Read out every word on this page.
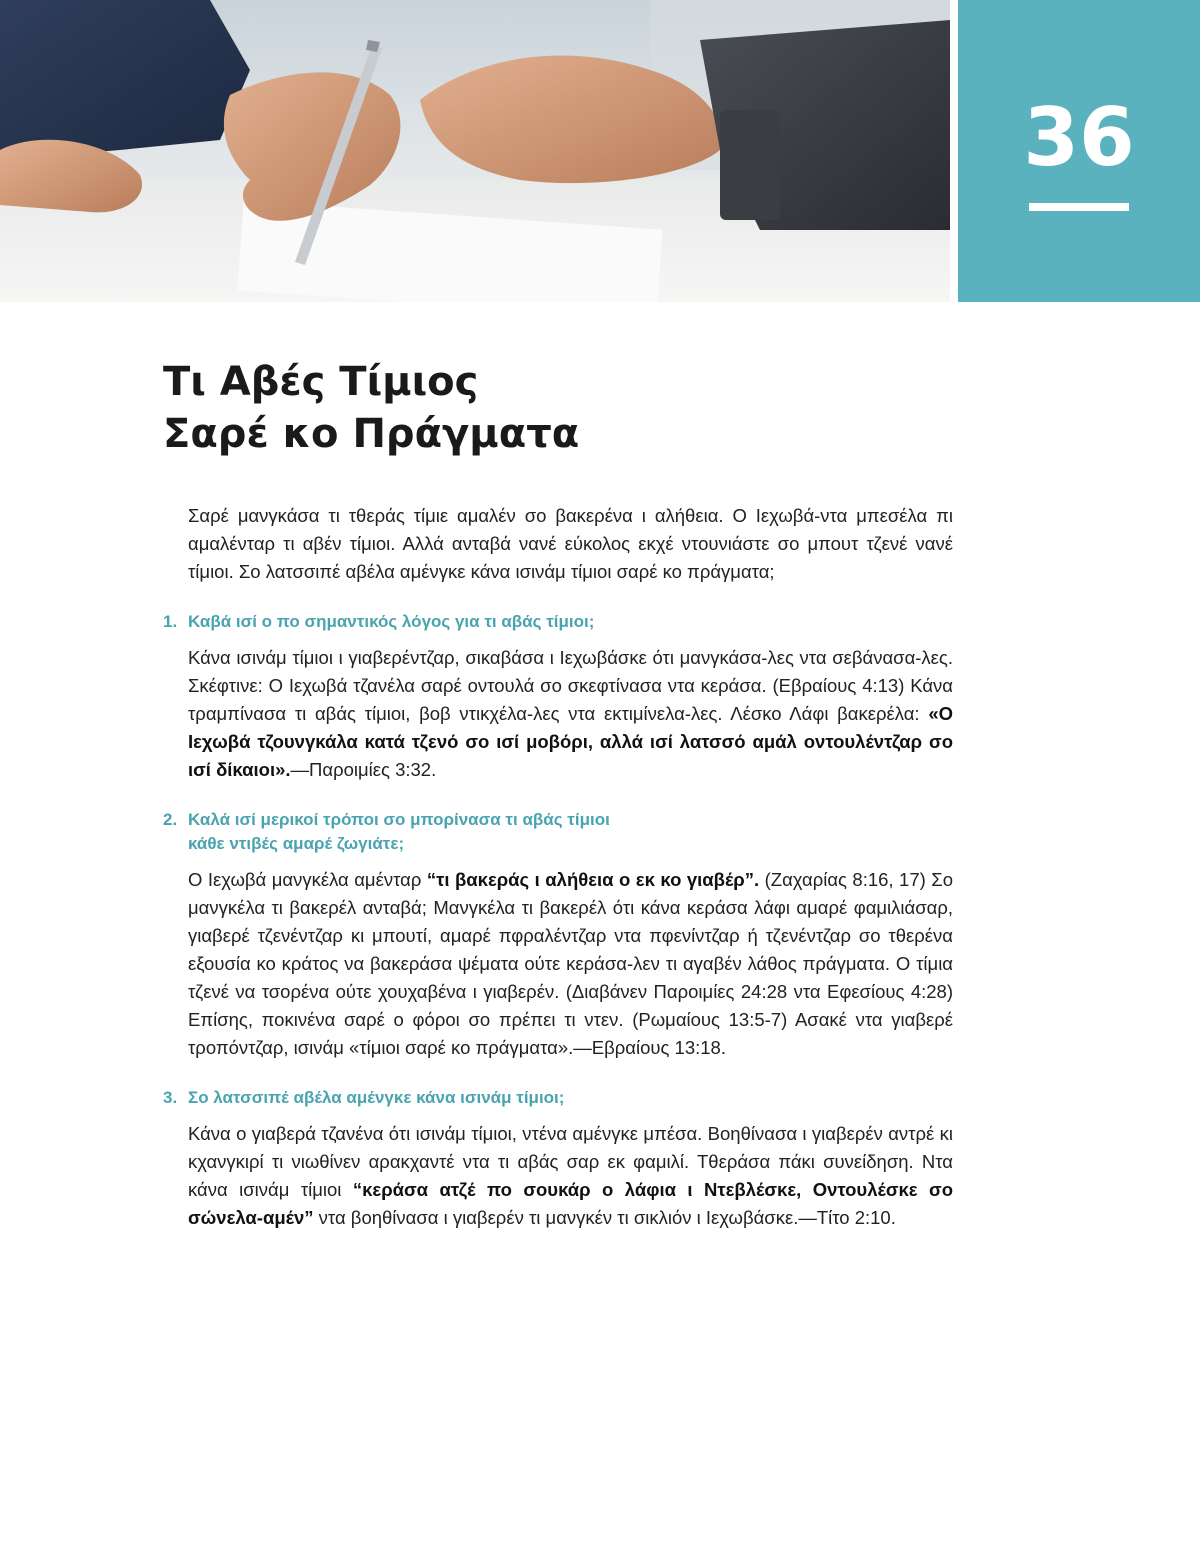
36
Τι Αβές Τίμιος
Σαρέ κο Πράγματα

Σαρέ μανγκάσα τι τθεράς τίμιε αμαλέν σο βακερένα ι αλήθεια. Ο Ιεχωβά-ντα μπεσέλα πι αμαλένταρ τι αβέν τίμιοι. Αλλά ανταβά νανέ εύκολος εκχέ ντουνιάστε σο μπουτ τζενέ νανέ τίμιοι. Σο λατσσιπέ αβέλα αμένγκε κάνα ισινάμ τίμιοι σαρέ κο πράγματα;

1. Καβά ισί ο πο σημαντικός λόγος για τι αβάς τίμιοι;

Κάνα ισινάμ τίμιοι ι γιαβερέντζαρ, σικαβάσα ι Ιεχωβάσκε ότι μανγκάσα-λες ντα σεβάνασα-λες. Σκέφτινε: Ο Ιεχωβά τζανέλα σαρέ οντουλά σο σκεφτίνασα ντα κεράσα. (Εβραίους 4:13) Κάνα τραμπίνασα τι αβάς τίμιοι, βοβ ντικχέλα-λες ντα εκτιμίνελα-λες. Λέσκο Λάφι βακερέλα: «Ο Ιεχωβά τζουνγκάλα κατά τζενό σο ισί μοβόρι, αλλά ισί λατσσό αμάλ οντουλέντζαρ σο ισί δίκαιοι».—Παροιμίες 3:32.

2. Καλά ισί μερικοί τρόποι σο μπορίνασα τι αβάς τίμιοι
κάθε ντιβές αμαρέ ζωγιάτε;

Ο Ιεχωβά μανγκέλα αμένταρ “τι βακεράς ι αλήθεια ο εκ κο γιαβέρ”. (Ζαχαρίας 8:16, 17) Σο μανγκέλα τι βακερέλ ανταβά; Μανγκέλα τι βακερέλ ότι κάνα κεράσα λάφι αμαρέ φαμιλιάσαρ, γιαβερέ τζενέντζαρ κι μπουτί, αμαρέ πφραλέντζαρ ντα πφενίντζαρ ή τζενέντζαρ σο τθερένα εξουσία κο κράτος να βακεράσα ψέματα ούτε κεράσα-λεν τι αγαβέν λάθος πράγματα. Ο τίμια τζενέ να τσορένα ούτε χουχαβένα ι γιαβερέν. (Διαβάνεν Παροιμίες 24:28 ντα Εφεσίους 4:28) Επίσης, ποκινένα σαρέ ο φόροι σο πρέπει τι ντεν. (Ρωμαίους 13:5-7) Ασακέ ντα γιαβερέ τροπόντζαρ, ισινάμ «τίμιοι σαρέ κο πράγματα».—Εβραίους 13:18.

3. Σο λατσσιπέ αβέλα αμένγκε κάνα ισινάμ τίμιοι;

Κάνα ο γιαβερά τζανένα ότι ισινάμ τίμιοι, ντένα αμένγκε μπέσα. Βοηθίνασα ι γιαβερέν αντρέ κι κχανγκιρί τι νιωθίνεν αρακχαντέ ντα τι αβάς σαρ εκ φαμιλί. Τθεράσα πάκι συνείδηση. Ντα κάνα ισινάμ τίμιοι “κεράσα ατζέ πο σουκάρ ο λάφια ι Ντεβλέσκε, Οντουλέσκε σο σώνελα-αμέν” ντα βοηθίνασα ι γιαβερέν τι μανγκέν τι σικλιόν ι Ιεχωβάσκε.—Τίτο 2:10.
